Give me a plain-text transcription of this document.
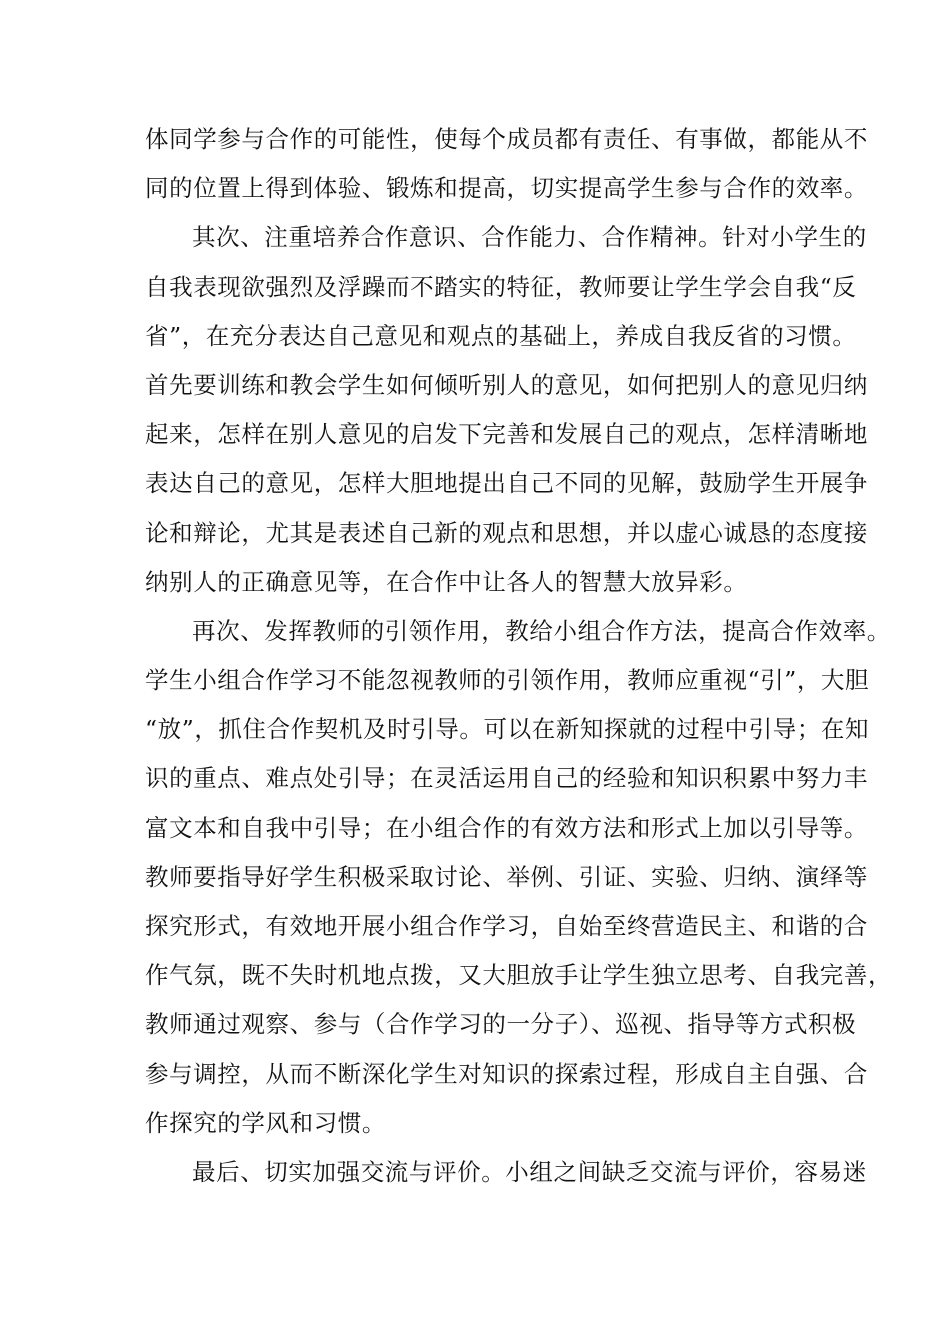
体同学参与合作的可能性，使每个成员都有责任、有事做，都能从不
同的位置上得到体验、锻炼和提高，切实提高学生参与合作的效率。
其次、注重培养合作意识、合作能力、合作精神。针对小学生的
自我表现欲强烈及浮躁而不踏实的特征，教师要让学生学会自我“反
省”，在充分表达自己意见和观点的基础上，养成自我反省的习惯。
首先要训练和教会学生如何倾听别人的意见，如何把别人的意见归纳
起来，怎样在别人意见的启发下完善和发展自己的观点，怎样清晰地
表达自己的意见，怎样大胆地提出自己不同的见解，鼓励学生开展争
论和辩论，尤其是表述自己新的观点和思想，并以虚心诚恳的态度接
纳别人的正确意见等，在合作中让各人的智慧大放异彩。
再次、发挥教师的引领作用，教给小组合作方法，提高合作效率。
学生小组合作学习不能忽视教师的引领作用，教师应重视“引”，大胆
“放”，抓住合作契机及时引导。可以在新知探就的过程中引导；在知
识的重点、难点处引导；在灵活运用自己的经验和知识积累中努力丰
富文本和自我中引导；在小组合作的有效方法和形式上加以引导等。
教师要指导好学生积极采取讨论、举例、引证、实验、归纳、演绎等
探究形式，有效地开展小组合作学习，自始至终营造民主、和谐的合
作气氛，既不失时机地点拨，又大胆放手让学生独立思考、自我完善，
教师通过观察、参与（合作学习的一分子）、巡视、指导等方式积极
参与调控，从而不断深化学生对知识的探索过程，形成自主自强、合
作探究的学风和习惯。
最后、切实加强交流与评价。小组之间缺乏交流与评价，容易迷
